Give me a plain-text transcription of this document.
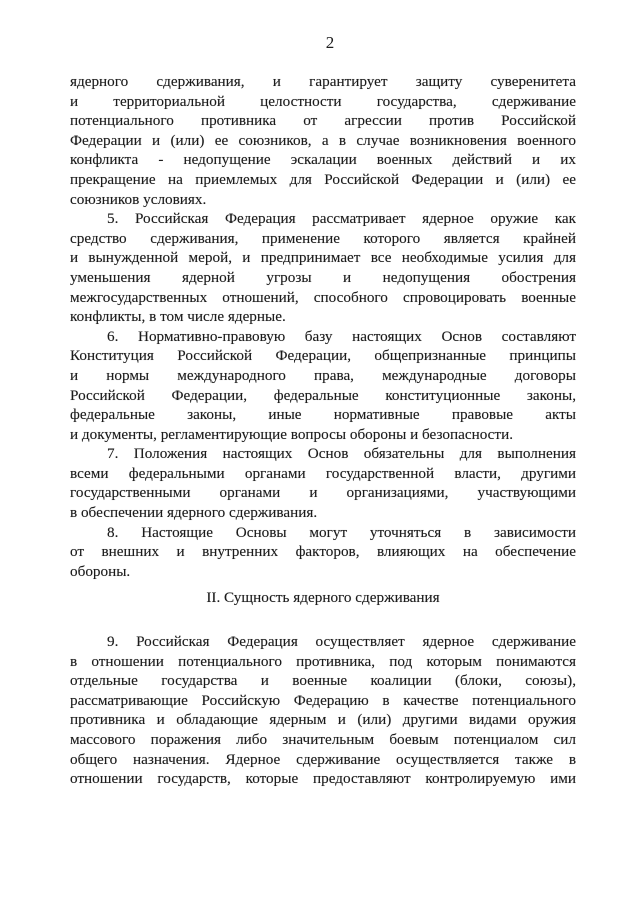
2
ядерного сдерживания, и гарантирует защиту суверенитета
и территориальной целостности государства, сдерживание
потенциального противника от агрессии против Российской
Федерации и (или) ее союзников, а в случае возникновения военного
конфликта - недопущение эскалации военных действий и их
прекращение на приемлемых для Российской Федерации и (или) ее
союзников условиях.
5. Российская Федерация рассматривает ядерное оружие как
средство сдерживания, применение которого является крайней
и вынужденной мерой, и предпринимает все необходимые усилия для
уменьшения ядерной угрозы и недопущения обострения
межгосударственных отношений, способного спровоцировать военные
конфликты, в том числе ядерные.
6. Нормативно-правовую базу настоящих Основ составляют
Конституция Российской Федерации, общепризнанные принципы
и нормы международного права, международные договоры
Российской Федерации, федеральные конституционные законы,
федеральные законы, иные нормативные правовые акты
и документы, регламентирующие вопросы обороны и безопасности.
7. Положения настоящих Основ обязательны для выполнения
всеми федеральными органами государственной власти, другими
государственными органами и организациями, участвующими
в обеспечении ядерного сдерживания.
8. Настоящие Основы могут уточняться в зависимости
от внешних и внутренних факторов, влияющих на обеспечение
обороны.
II. Сущность ядерного сдерживания
9. Российская Федерация осуществляет ядерное сдерживание
в отношении потенциального противника, под которым понимаются
отдельные государства и военные коалиции (блоки, союзы),
рассматривающие Российскую Федерацию в качестве потенциального
противника и обладающие ядерным и (или) другими видами оружия
массового поражения либо значительным боевым потенциалом сил
общего назначения. Ядерное сдерживание осуществляется также в
отношении государств, которые предоставляют контролируемую ими
